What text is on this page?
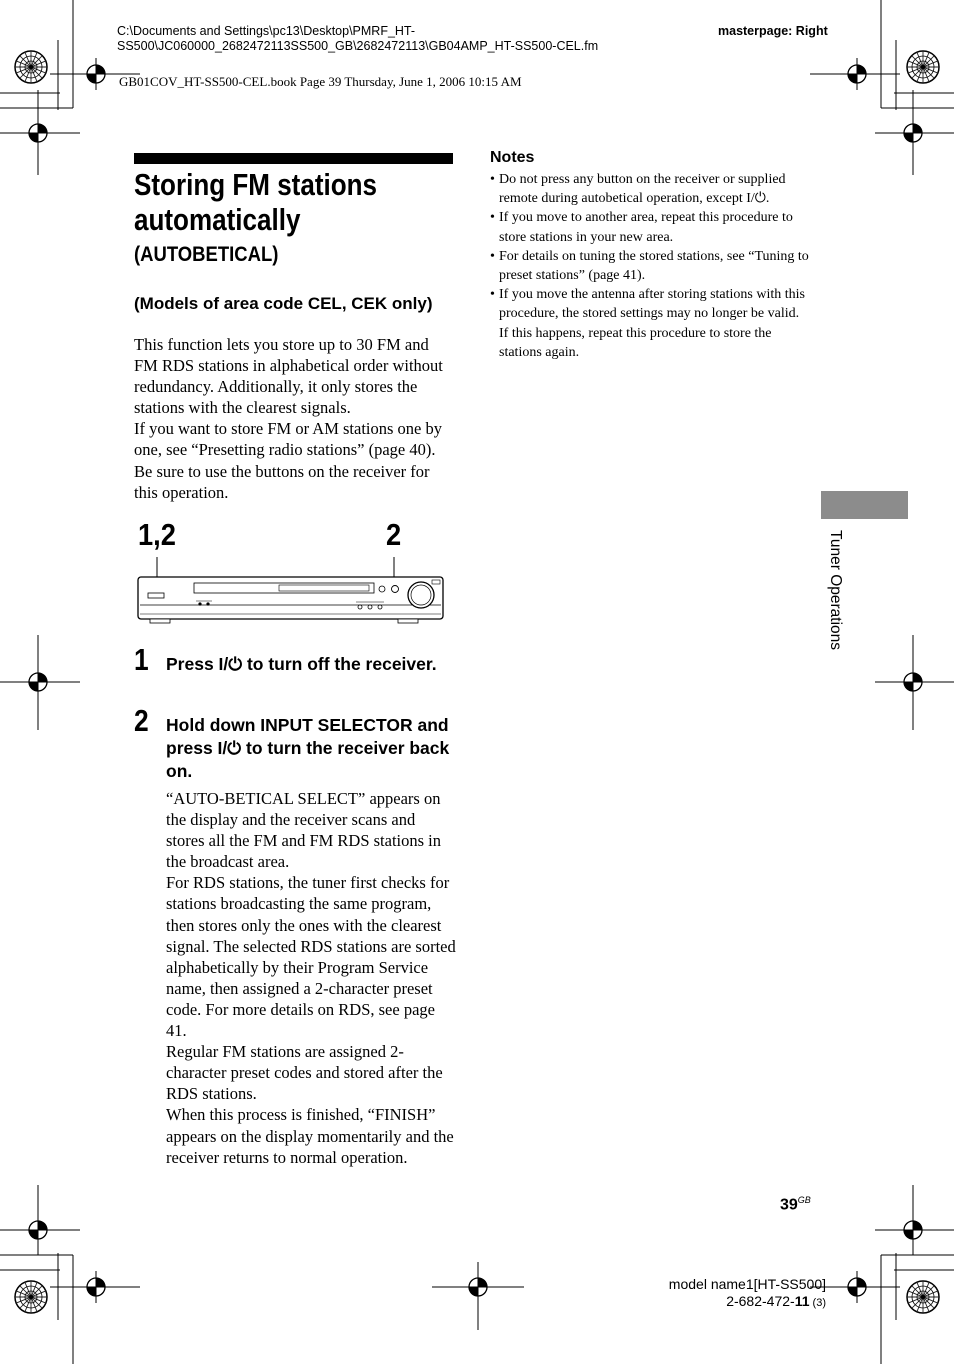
C:\Documents and Settings\pc13\Desktop\PMRF_HT-
SS500\JC060000_2682472113SS500_GB\2682472113\GB04AMP_HT-SS500-CEL.fm
masterpage: Right
GB01COV_HT-SS500-CEL.book Page 39 Thursday, June 1, 2006 10:15 AM
Storing FM stations
automatically
(AUTOBETICAL)
(Models of area code CEL, CEK only)

This function lets you store up to 30 FM and FM RDS stations in alphabetical order without redundancy. Additionally, it only stores the stations with the clearest signals.

If you want to store FM or AM stations one by one, see “Presetting radio stations” (page 40).

Be sure to use the buttons on the receiver for this operation.

1,2	2
1 Press I/⏻ to turn off the receiver.
2 Hold down INPUT SELECTOR and press I/⏻ to turn the receiver back on.

“AUTO-BETICAL SELECT” appears on the display and the receiver scans and stores all the FM and FM RDS stations in the broadcast area.

For RDS stations, the tuner first checks for stations broadcasting the same program, then stores only the ones with the clearest signal. The selected RDS stations are sorted alphabetically by their Program Service name, then assigned a 2-character preset code. For more details on RDS, see page 41.

Regular FM stations are assigned 2-character preset codes and stored after the RDS stations.

When this process is finished, “FINISH” appears on the display momentarily and the receiver returns to normal operation.

Notes
• Do not press any button on the receiver or supplied remote during autobetical operation, except I/⏻.
• If you move to another area, repeat this procedure to store stations in your new area.
• For details on tuning the stored stations, see “Tuning to preset stations” (page 41).
• If you move the antenna after storing stations with this procedure, the stored settings may no longer be valid. If this happens, repeat this procedure to store the stations again.
Tuner Operations
$39^{GB}$
model name1[HT-SS500]
2-682-472-11 (3)
